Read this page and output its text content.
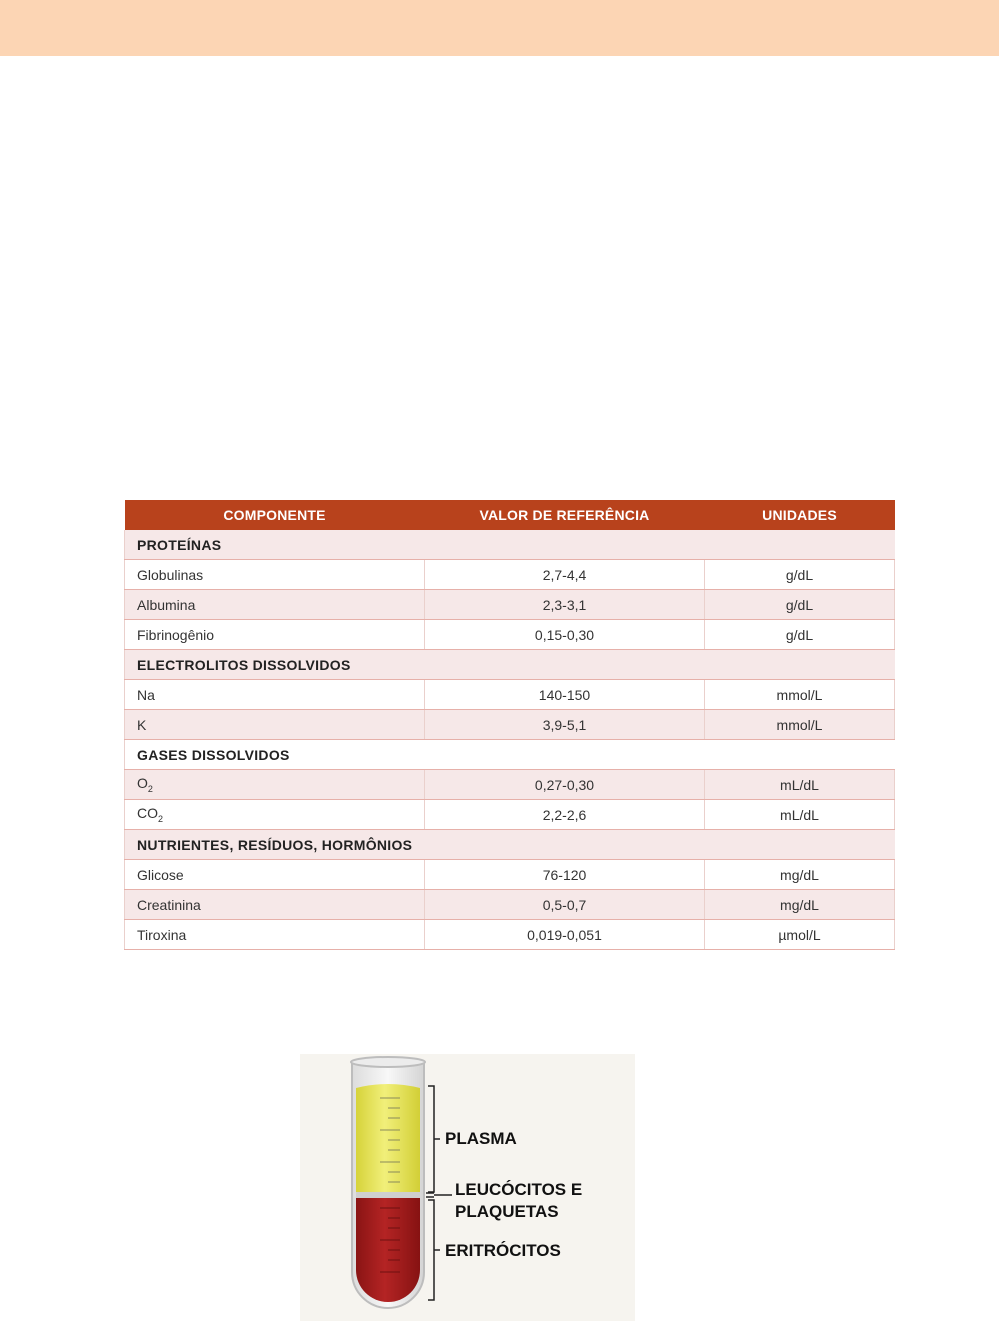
COMPONENTE	VALOR DE REFERÊNCIA	UNIDADES
PROTEÍNAS		
Globulinas	2,7-4,4	g/dL
Albumina	2,3-3,1	g/dL
Fibrinogênio	0,15-0,30	g/dL
ELECTROLITOS DISSOLVIDOS		
Na	140-150	mmol/L
K	3,9-5,1	mmol/L
GASES DISSOLVIDOS		
$O_2$	0,27-0,30	mL/dL
$CO_2$	2,2-2,6	mL/dL
NUTRIENTES, RESÍDUOS, HORMÔNIOS		
Glicose	76-120	mg/dL
Creatinina	0,5-0,7	mg/dL
Tiroxina	0,019-0,051	µmol/L
PLASMA
LEUCÓCITOS E
PLAQUETAS
ERITRÓCITOS
